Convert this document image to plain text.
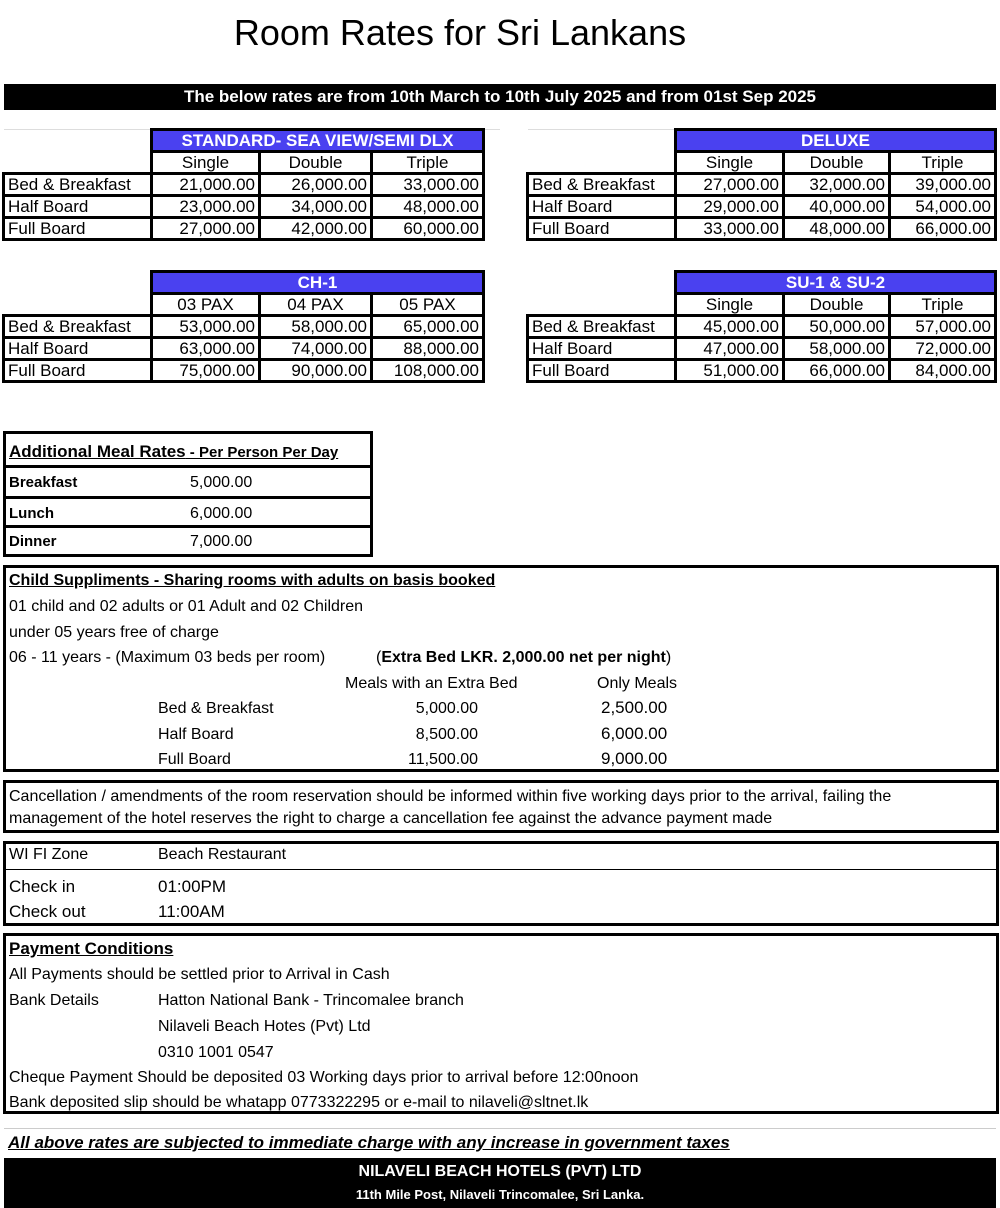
Room Rates for Sri Lankans
The below rates are from 10th March to 10th July 2025 and from 01st Sep 2025
	STANDARD- SEA VIEW/SEMI DLX		
	Single	Double	Triple
Bed & Breakfast	21,000.00	26,000.00	33,000.00
Half Board	23,000.00	34,000.00	48,000.00
Full Board	27,000.00	42,000.00	60,000.00
	DELUXE		
	Single	Double	Triple
Bed & Breakfast	27,000.00	32,000.00	39,000.00
Half Board	29,000.00	40,000.00	54,000.00
Full Board	33,000.00	48,000.00	66,000.00
	CH-1		
	03 PAX	04 PAX	05 PAX
Bed & Breakfast	53,000.00	58,000.00	65,000.00
Half Board	63,000.00	74,000.00	88,000.00
Full Board	75,000.00	90,000.00	108,000.00
	SU-1 & SU-2		
	Single	Double	Triple
Bed & Breakfast	45,000.00	50,000.00	57,000.00
Half Board	47,000.00	58,000.00	72,000.00
Full Board	51,000.00	66,000.00	84,000.00
Additional Meal Rates - Per Person Per Day
Breakfast	5,000.00
Lunch	6,000.00
Dinner	7,000.00
Child Suppliments - Sharing rooms with adults on basis booked
01 child and 02 adults or 01 Adult and 02 Children
under 05 years free of charge
06 - 11 years - (Maximum 03 beds per room)	(Extra Bed LKR. 2,000.00 net per night)
Meals with an Extra Bed	Only Meals
Bed & Breakfast	5,000.00	2,500.00
Half Board	8,500.00	6,000.00
Full Board	11,500.00	9,000.00
Cancellation / amendments of the room reservation should be informed within five working days prior to the arrival, failing the
management of the hotel reserves the right to charge a cancellation fee against the advance payment made
WI FI Zone	Beach Restaurant
Check in	01:00PM
Check out	11:00AM
Payment Conditions
All Payments should be settled prior to Arrival in Cash
Bank Details	Hatton National Bank - Trincomalee branch
Nilaveli Beach Hotes (Pvt) Ltd
0310 1001 0547
Cheque Payment Should be deposited 03 Working days prior to arrival before 12:00noon
Bank deposited slip should be whatapp 0773322295 or e-mail to nilaveli@sltnet.lk
All above rates are subjected to immediate charge with any increase in government taxes
NILAVELI BEACH HOTELS (PVT) LTD
11th Mile Post, Nilaveli Trincomalee, Sri Lanka.
